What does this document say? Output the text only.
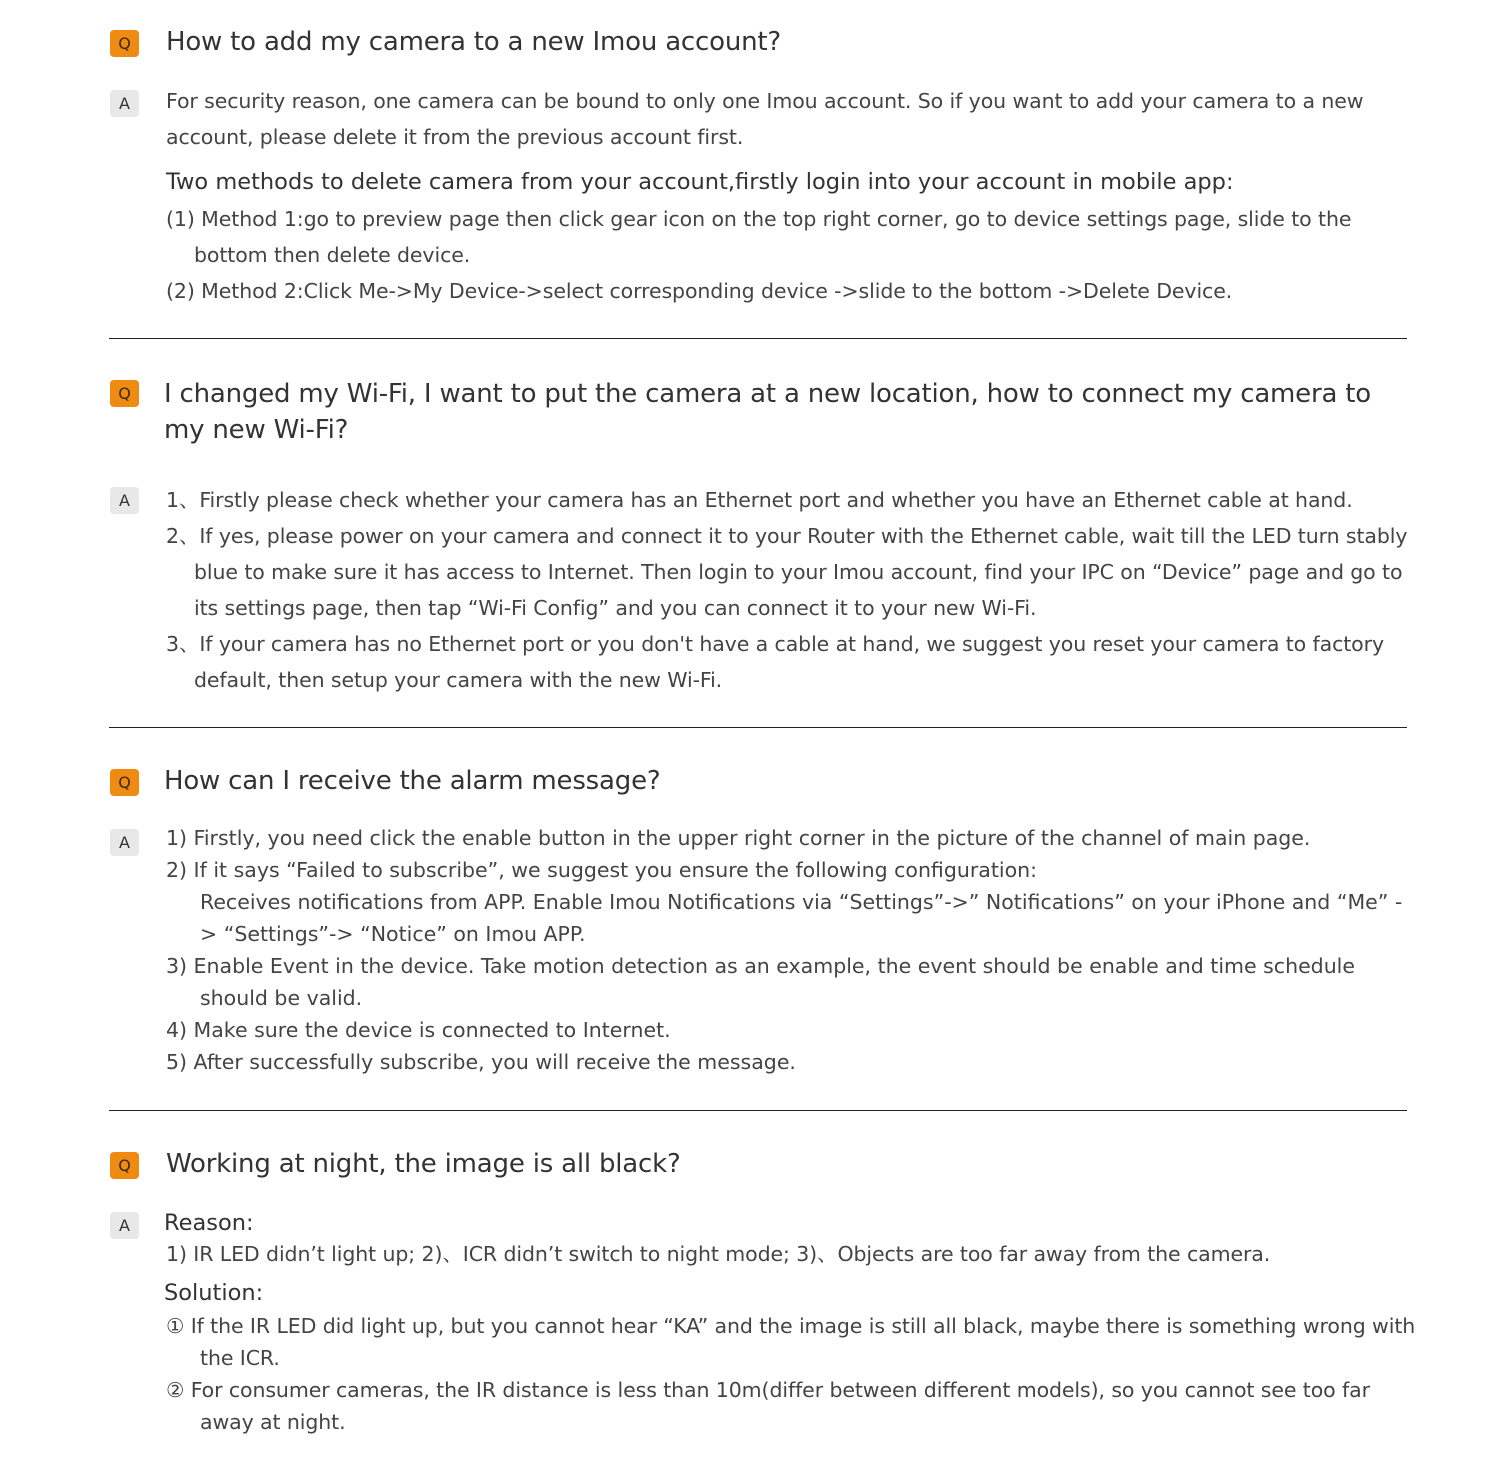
Q	How to add my camera to a new Imou account?
A	For security reason, one camera can be bound to only one Imou account. So if you want to add your camera to a new account, please delete it from the previous account first.

Two methods to delete camera from your account,firstly login into your account in mobile app:

(1) Method 1:go to preview page then click gear icon on the top right corner, go to device settings page, slide to the bottom then delete device.

(2) Method 2:Click Me->My Device->select corresponding device ->slide to the bottom ->Delete Device.

Q	I changed my Wi-Fi, I want to put the camera at a new location, how to connect my camera to my new Wi-Fi?
A	1、Firstly please check whether your camera has an Ethernet port and whether you have an Ethernet cable at hand.

2、If yes, please power on your camera and connect it to your Router with the Ethernet cable, wait till the LED turn stably blue to make sure it has access to Internet. Then login to your Imou account, find your IPC on “Device” page and go to its settings page, then tap “Wi-Fi Config” and you can connect it to your new Wi-Fi.

3、If your camera has no Ethernet port or you don't have a cable at hand, we suggest you reset your camera to factory default, then setup your camera with the new Wi-Fi.

Q	How can I receive the alarm message?
A	1) Firstly, you need click the enable button in the upper right corner in the picture of the channel of main page.
2) If it says “Failed to subscribe”, we suggest you ensure the following configuration:
Receives notifications from APP. Enable Imou Notifications via “Settings”->” Notifications” on your iPhone and “Me” -> “Settings”-> “Notice” on Imou APP.
3) Enable Event in the device. Take motion detection as an example, the event should be enable and time schedule should be valid.
4) Make sure the device is connected to Internet.
5) After successfully subscribe, you will receive the message.
Q	Working at night, the image is all black?
A	Reason:

1) IR LED didn’t light up; 2)、ICR didn’t switch to night mode; 3)、Objects are too far away from the camera.

Solution:

① If the IR LED did light up, but you cannot hear “KA” and the image is still all black, maybe there is something wrong with the ICR.

② For consumer cameras, the IR distance is less than 10m(differ between different models), so you cannot see too far away at night.
